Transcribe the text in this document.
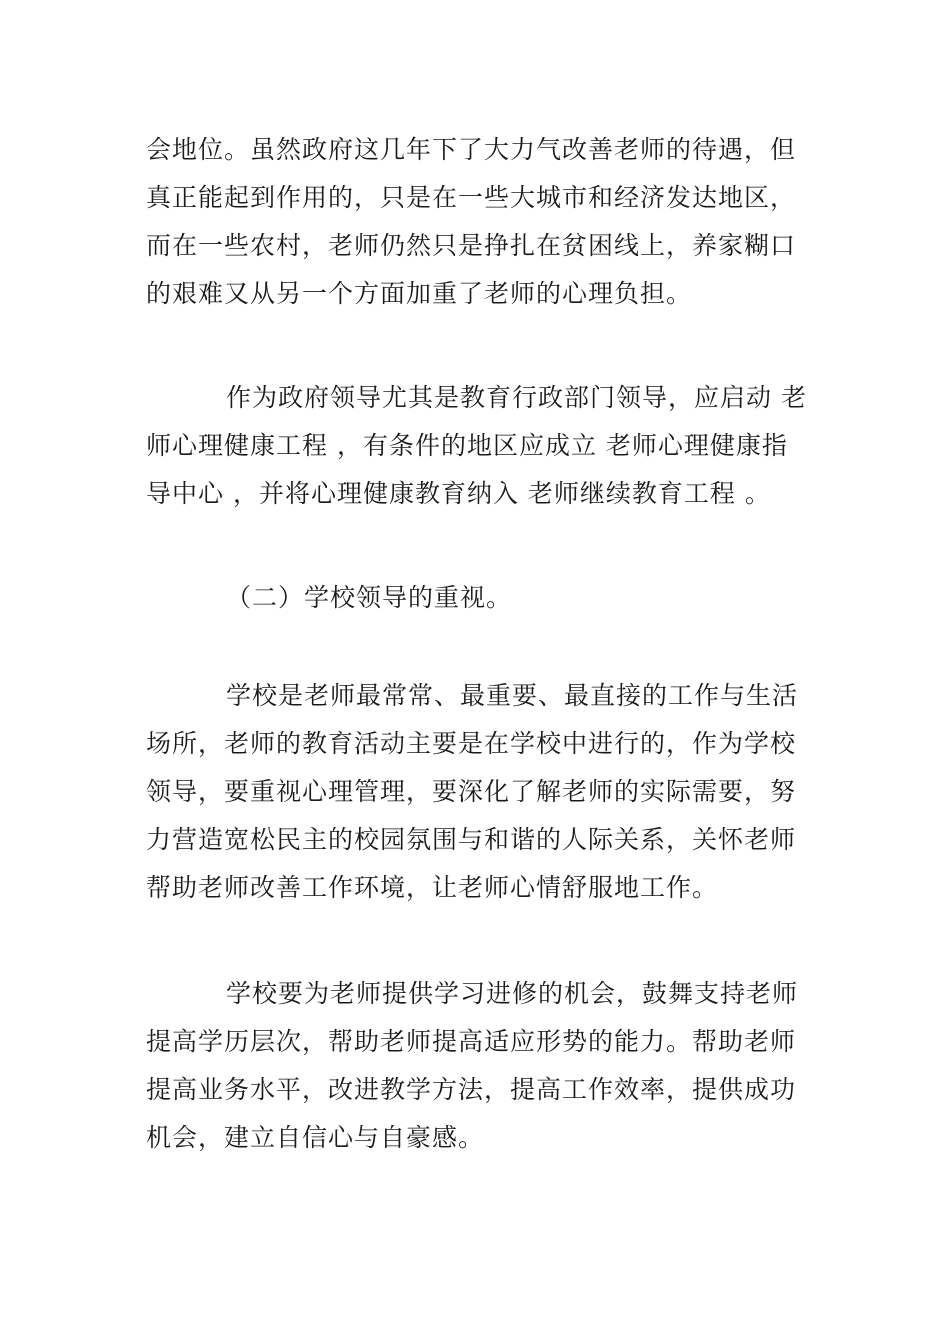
会地位。虽然政府这几年下了大力气改善老师的待遇，但
真正能起到作用的，只是在一些大城市和经济发达地区，
而在一些农村，老师仍然只是挣扎在贫困线上，养家糊口
的艰难又从另一个方面加重了老师的心理负担。
作为政府领导尤其是教育行政部门领导，应启动 老
师心理健康工程 ，有条件的地区应成立 老师心理健康指
导中心 ，并将心理健康教育纳入 老师继续教育工程 。
（二）学校领导的重视。
学校是老师最常常、最重要、最直接的工作与生活
场所，老师的教育活动主要是在学校中进行的，作为学校
领导，要重视心理管理，要深化了解老师的实际需要，努
力营造宽松民主的校园氛围与和谐的人际关系，关怀老师
帮助老师改善工作环境，让老师心情舒服地工作。
学校要为老师提供学习进修的机会，鼓舞支持老师
提高学历层次，帮助老师提高适应形势的能力。帮助老师
提高业务水平，改进教学方法，提高工作效率，提供成功
机会，建立自信心与自豪感。
